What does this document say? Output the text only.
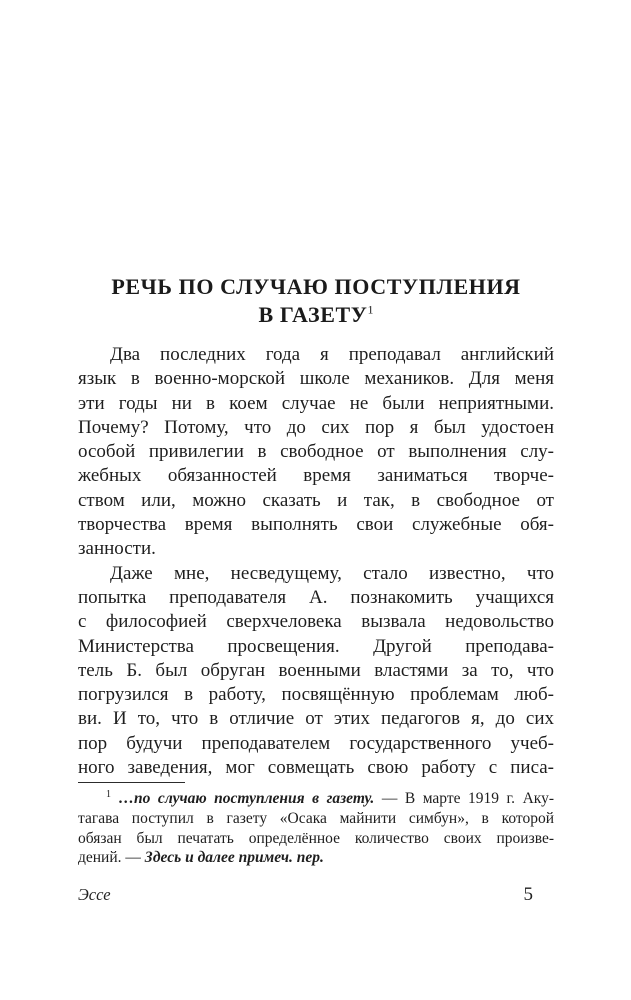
РЕЧЬ ПО СЛУЧАЮ ПОСТУПЛЕНИЯ
В ГАЗЕТУ$^1$
Два последних года я преподавал английский
язык в военно-морской школе механиков. Для меня
эти годы ни в коем случае не были неприятными.
Почему? Потому, что до сих пор я был удостоен
особой привилегии в свободное от выполнения слу-
жебных обязанностей время заниматься творче-
ством или, можно сказать и так, в свободное от
творчества время выполнять свои служебные обя-
занности.
Даже мне, несведущему, стало известно, что
попытка преподавателя А. познакомить учащихся
с философией сверхчеловека вызвала недовольство
Министерства просвещения. Другой преподава-
тель Б. был обруган военными властями за то, что
погрузился в работу, посвящённую проблемам люб-
ви. И то, что в отличие от этих педагогов я, до сих
пор будучи преподавателем государственного учеб-
ного заведения, мог совмещать свою работу с писа-
$^1$ …по случаю поступления в газету. — В марте 1919 г. Аку-
тагава поступил в газету «Осака майнити симбун», в которой
обязан был печатать определённое количество своих произве-
дений. — Здесь и далее примеч. пер.
Эссе	5
